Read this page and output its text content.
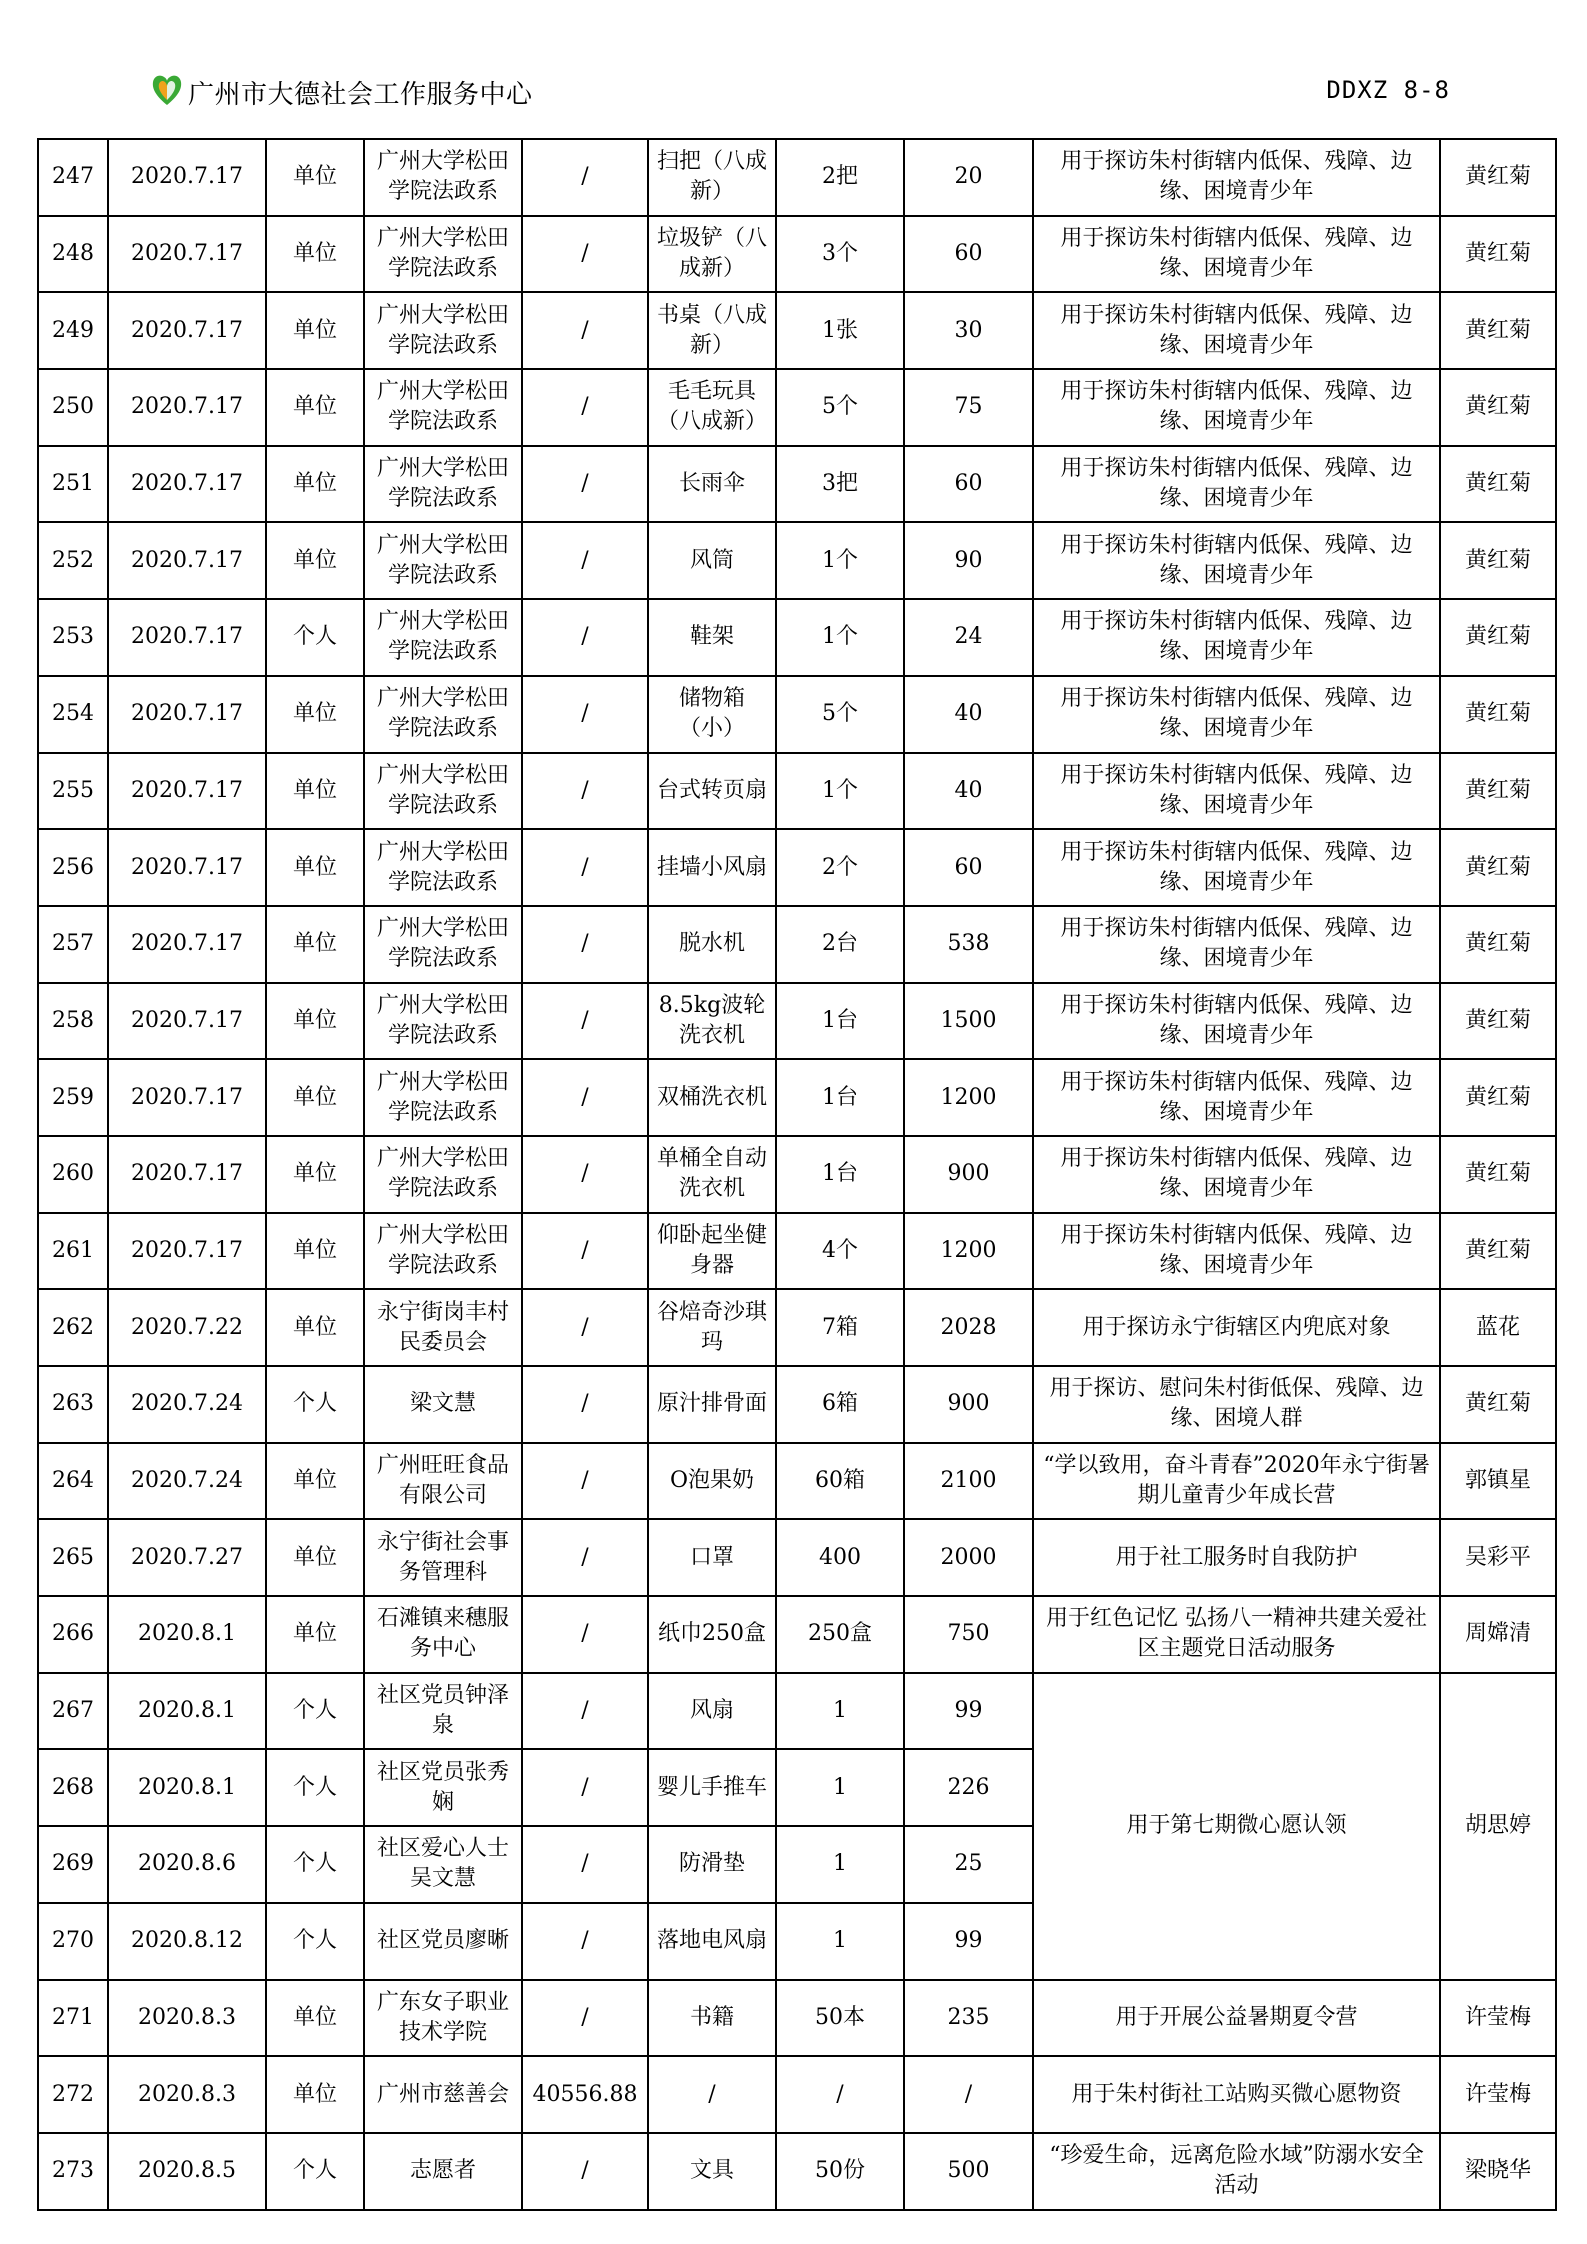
广州市大德社会工作服务中心	DDXZ 8-8
247	2020.7.17	单位	广州大学松田学院法政系	/	扫把（八成新）	2把	20	用于探访朱村街辖内低保、残障、边缘、困境青少年	黄红菊
248	2020.7.17	单位	广州大学松田学院法政系	/	垃圾铲（八成新）	3个	60	用于探访朱村街辖内低保、残障、边缘、困境青少年	黄红菊
249	2020.7.17	单位	广州大学松田学院法政系	/	书桌（八成新）	1张	30	用于探访朱村街辖内低保、残障、边缘、困境青少年	黄红菊
250	2020.7.17	单位	广州大学松田学院法政系	/	毛毛玩具（八成新）	5个	75	用于探访朱村街辖内低保、残障、边缘、困境青少年	黄红菊
251	2020.7.17	单位	广州大学松田学院法政系	/	长雨伞	3把	60	用于探访朱村街辖内低保、残障、边缘、困境青少年	黄红菊
252	2020.7.17	单位	广州大学松田学院法政系	/	风筒	1个	90	用于探访朱村街辖内低保、残障、边缘、困境青少年	黄红菊
253	2020.7.17	个人	广州大学松田学院法政系	/	鞋架	1个	24	用于探访朱村街辖内低保、残障、边缘、困境青少年	黄红菊
254	2020.7.17	单位	广州大学松田学院法政系	/	储物箱（小）	5个	40	用于探访朱村街辖内低保、残障、边缘、困境青少年	黄红菊
255	2020.7.17	单位	广州大学松田学院法政系	/	台式转页扇	1个	40	用于探访朱村街辖内低保、残障、边缘、困境青少年	黄红菊
256	2020.7.17	单位	广州大学松田学院法政系	/	挂墙小风扇	2个	60	用于探访朱村街辖内低保、残障、边缘、困境青少年	黄红菊
257	2020.7.17	单位	广州大学松田学院法政系	/	脱水机	2台	538	用于探访朱村街辖内低保、残障、边缘、困境青少年	黄红菊
258	2020.7.17	单位	广州大学松田学院法政系	/	8.5kg波轮洗衣机	1台	1500	用于探访朱村街辖内低保、残障、边缘、困境青少年	黄红菊
259	2020.7.17	单位	广州大学松田学院法政系	/	双桶洗衣机	1台	1200	用于探访朱村街辖内低保、残障、边缘、困境青少年	黄红菊
260	2020.7.17	单位	广州大学松田学院法政系	/	单桶全自动洗衣机	1台	900	用于探访朱村街辖内低保、残障、边缘、困境青少年	黄红菊
261	2020.7.17	单位	广州大学松田学院法政系	/	仰卧起坐健身器	4个	1200	用于探访朱村街辖内低保、残障、边缘、困境青少年	黄红菊
262	2020.7.22	单位	永宁街岗丰村民委员会	/	谷焙奇沙琪玛	7箱	2028	用于探访永宁街辖区内兜底对象	蓝花
263	2020.7.24	个人	梁文慧	/	原汁排骨面	6箱	900	用于探访、慰问朱村街低保、残障、边缘、困境人群	黄红菊
264	2020.7.24	单位	广州旺旺食品有限公司	/	O泡果奶	60箱	2100	“学以致用，奋斗青春”2020年永宁街暑期儿童青少年成长营	郭镇星
265	2020.7.27	单位	永宁街社会事务管理科	/	口罩	400	2000	用于社工服务时自我防护	吴彩平
266	2020.8.1	单位	石滩镇来穗服务中心	/	纸巾250盒	250盒	750	用于红色记忆 弘扬八一精神共建关爱社区主题党日活动服务	周嫦清
267	2020.8.1	个人	社区党员钟泽泉	/	风扇	1	99	用于第七期微心愿认领	胡思婷
268	2020.8.1	个人	社区党员张秀娴	/	婴儿手推车	1	226		
269	2020.8.6	个人	社区爱心人士吴文慧	/	防滑垫	1	25		
270	2020.8.12	个人	社区党员廖晰	/	落地电风扇	1	99		
271	2020.8.3	单位	广东女子职业技术学院	/	书籍	50本	235	用于开展公益暑期夏令营	许莹梅
272	2020.8.3	单位	广州市慈善会	40556.88	/	/	/	用于朱村街社工站购买微心愿物资	许莹梅
273	2020.8.5	个人	志愿者	/	文具	50份	500	“珍爱生命，远离危险水域”防溺水安全活动	梁晓华
